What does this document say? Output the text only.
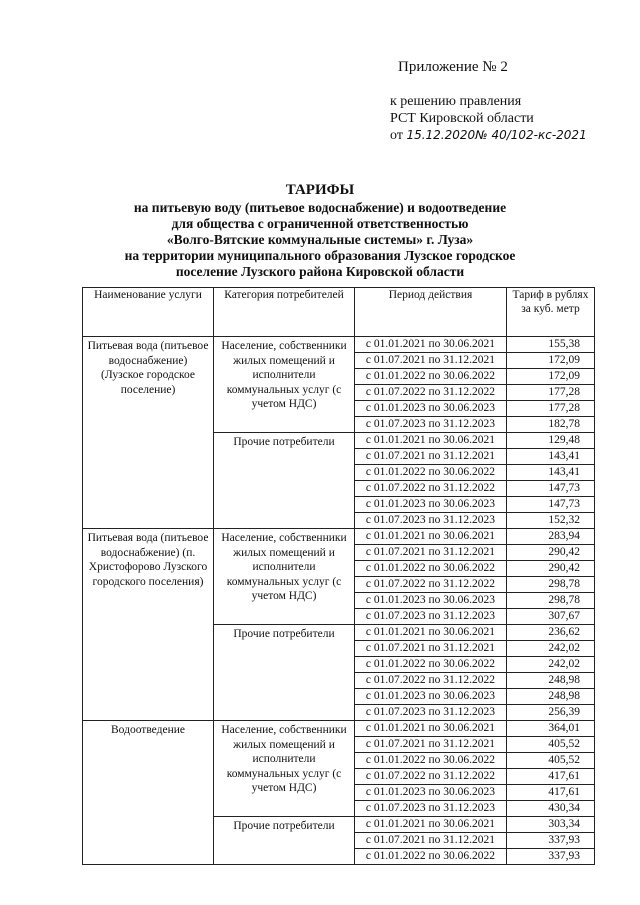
Приложение № 2
к решению правления
РСТ Кировской области
от 15.12.2020№ 40/102-кс-2021
ТАРИФЫ
на питьевую воду (питьевое водоснабжение) и водоотведение
для общества с ограниченной ответственностью
«Волго-Вятские коммунальные системы» г. Луза»
на территории муниципального образования Лузское городское
поселение Лузского района Кировской области
Наименование услуги	Категория потребителей	Период действия	Тариф в рублях за куб. метр
Питьевая вода (питьевое водоснабжение) (Лузское городское поселение)	Население, собственники жилых помещений и исполнители коммунальных услуг (с учетом НДС)	с 01.01.2021 по 30.06.2021	155,38
		с 01.07.2021 по 31.12.2021	172,09
		с 01.01.2022 по 30.06.2022	172,09
		с 01.07.2022 по 31.12.2022	177,28
		с 01.01.2023 по 30.06.2023	177,28
		с 01.07.2023 по 31.12.2023	182,78
	Прочие потребители	с 01.01.2021 по 30.06.2021	129,48
		с 01.07.2021 по 31.12.2021	143,41
		с 01.01.2022 по 30.06.2022	143,41
		с 01.07.2022 по 31.12.2022	147,73
		с 01.01.2023 по 30.06.2023	147,73
		с 01.07.2023 по 31.12.2023	152,32
Питьевая вода (питьевое водоснабжение) (п. Христофорово Лузского городского поселения)	Население, собственники жилых помещений и исполнители коммунальных услуг (с учетом НДС)	с 01.01.2021 по 30.06.2021	283,94
		с 01.07.2021 по 31.12.2021	290,42
		с 01.01.2022 по 30.06.2022	290,42
		с 01.07.2022 по 31.12.2022	298,78
		с 01.01.2023 по 30.06.2023	298,78
		с 01.07.2023 по 31.12.2023	307,67
	Прочие потребители	с 01.01.2021 по 30.06.2021	236,62
		с 01.07.2021 по 31.12.2021	242,02
		с 01.01.2022 по 30.06.2022	242,02
		с 01.07.2022 по 31.12.2022	248,98
		с 01.01.2023 по 30.06.2023	248,98
		с 01.07.2023 по 31.12.2023	256,39
Водоотведение	Население, собственники жилых помещений и исполнители коммунальных услуг (с учетом НДС)	с 01.01.2021 по 30.06.2021	364,01
		с 01.07.2021 по 31.12.2021	405,52
		с 01.01.2022 по 30.06.2022	405,52
		с 01.07.2022 по 31.12.2022	417,61
		с 01.01.2023 по 30.06.2023	417,61
		с 01.07.2023 по 31.12.2023	430,34
	Прочие потребители	с 01.01.2021 по 30.06.2021	303,34
		с 01.07.2021 по 31.12.2021	337,93
		с 01.01.2022 по 30.06.2022	337,93
